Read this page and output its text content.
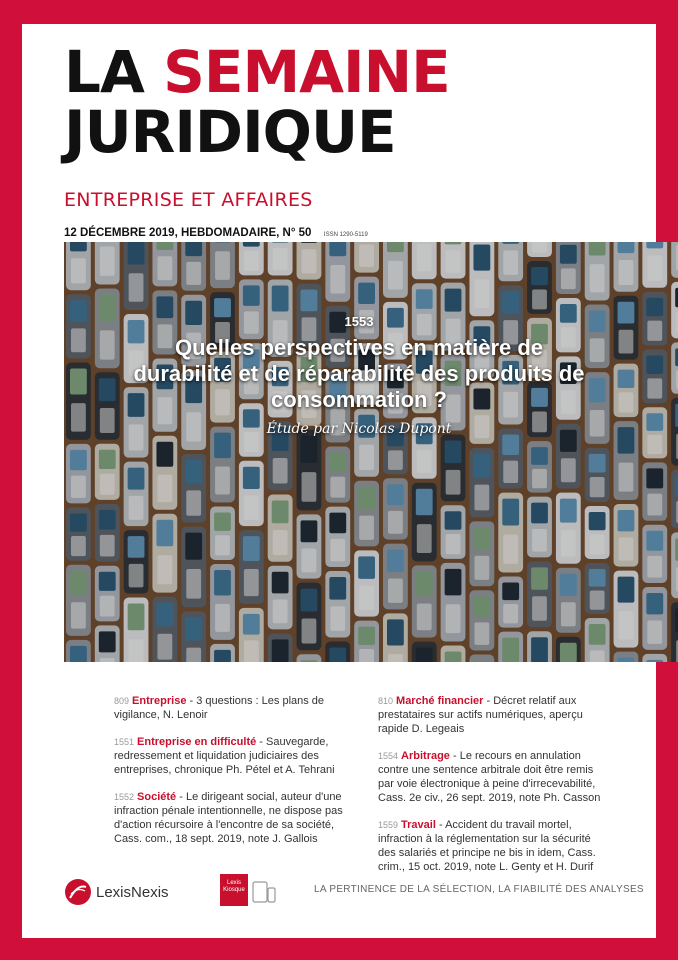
LA SEMAINE
JURIDIQUE
ENTREPRISE ET AFFAIRES
12 DÉCEMBRE 2019, HEBDOMADAIRE, N° 50 ISSN 1290-5119
1553
Quelles perspectives en matière de durabilité et de réparabilité des produits de consommation ?
Étude par Nicolas Dupont
809 Entreprise - 3 questions : Les plans de vigilance, N. Lenoir
1551 Entreprise en difficulté - Sauvegarde, redressement et liquidation judiciaires des entreprises, chronique Ph. Pétel et A. Tehrani
1552 Société - Le dirigeant social, auteur d'une infraction pénale intentionnelle, ne dispose pas d'action récursoire à l'encontre de sa société, Cass. com., 18 sept. 2019, note J. Gallois
810 Marché financier - Décret relatif aux prestataires sur actifs numériques, aperçu rapide D. Legeais
1554 Arbitrage - Le recours en annulation contre une sentence arbitrale doit être remis par voie électronique à peine d'irrecevabilité, Cass. 2e civ., 26 sept. 2019, note Ph. Casson
1559 Travail - Accident du travail mortel, infraction à la réglementation sur la sécurité des salariés et principe ne bis in idem, Cass. crim., 15 oct. 2019, note L. Genty et H. Durif
LexisNexis
Lexis
Kiosque	LA PERTINENCE DE LA SÉLECTION, LA FIABILITÉ DES ANALYSES
